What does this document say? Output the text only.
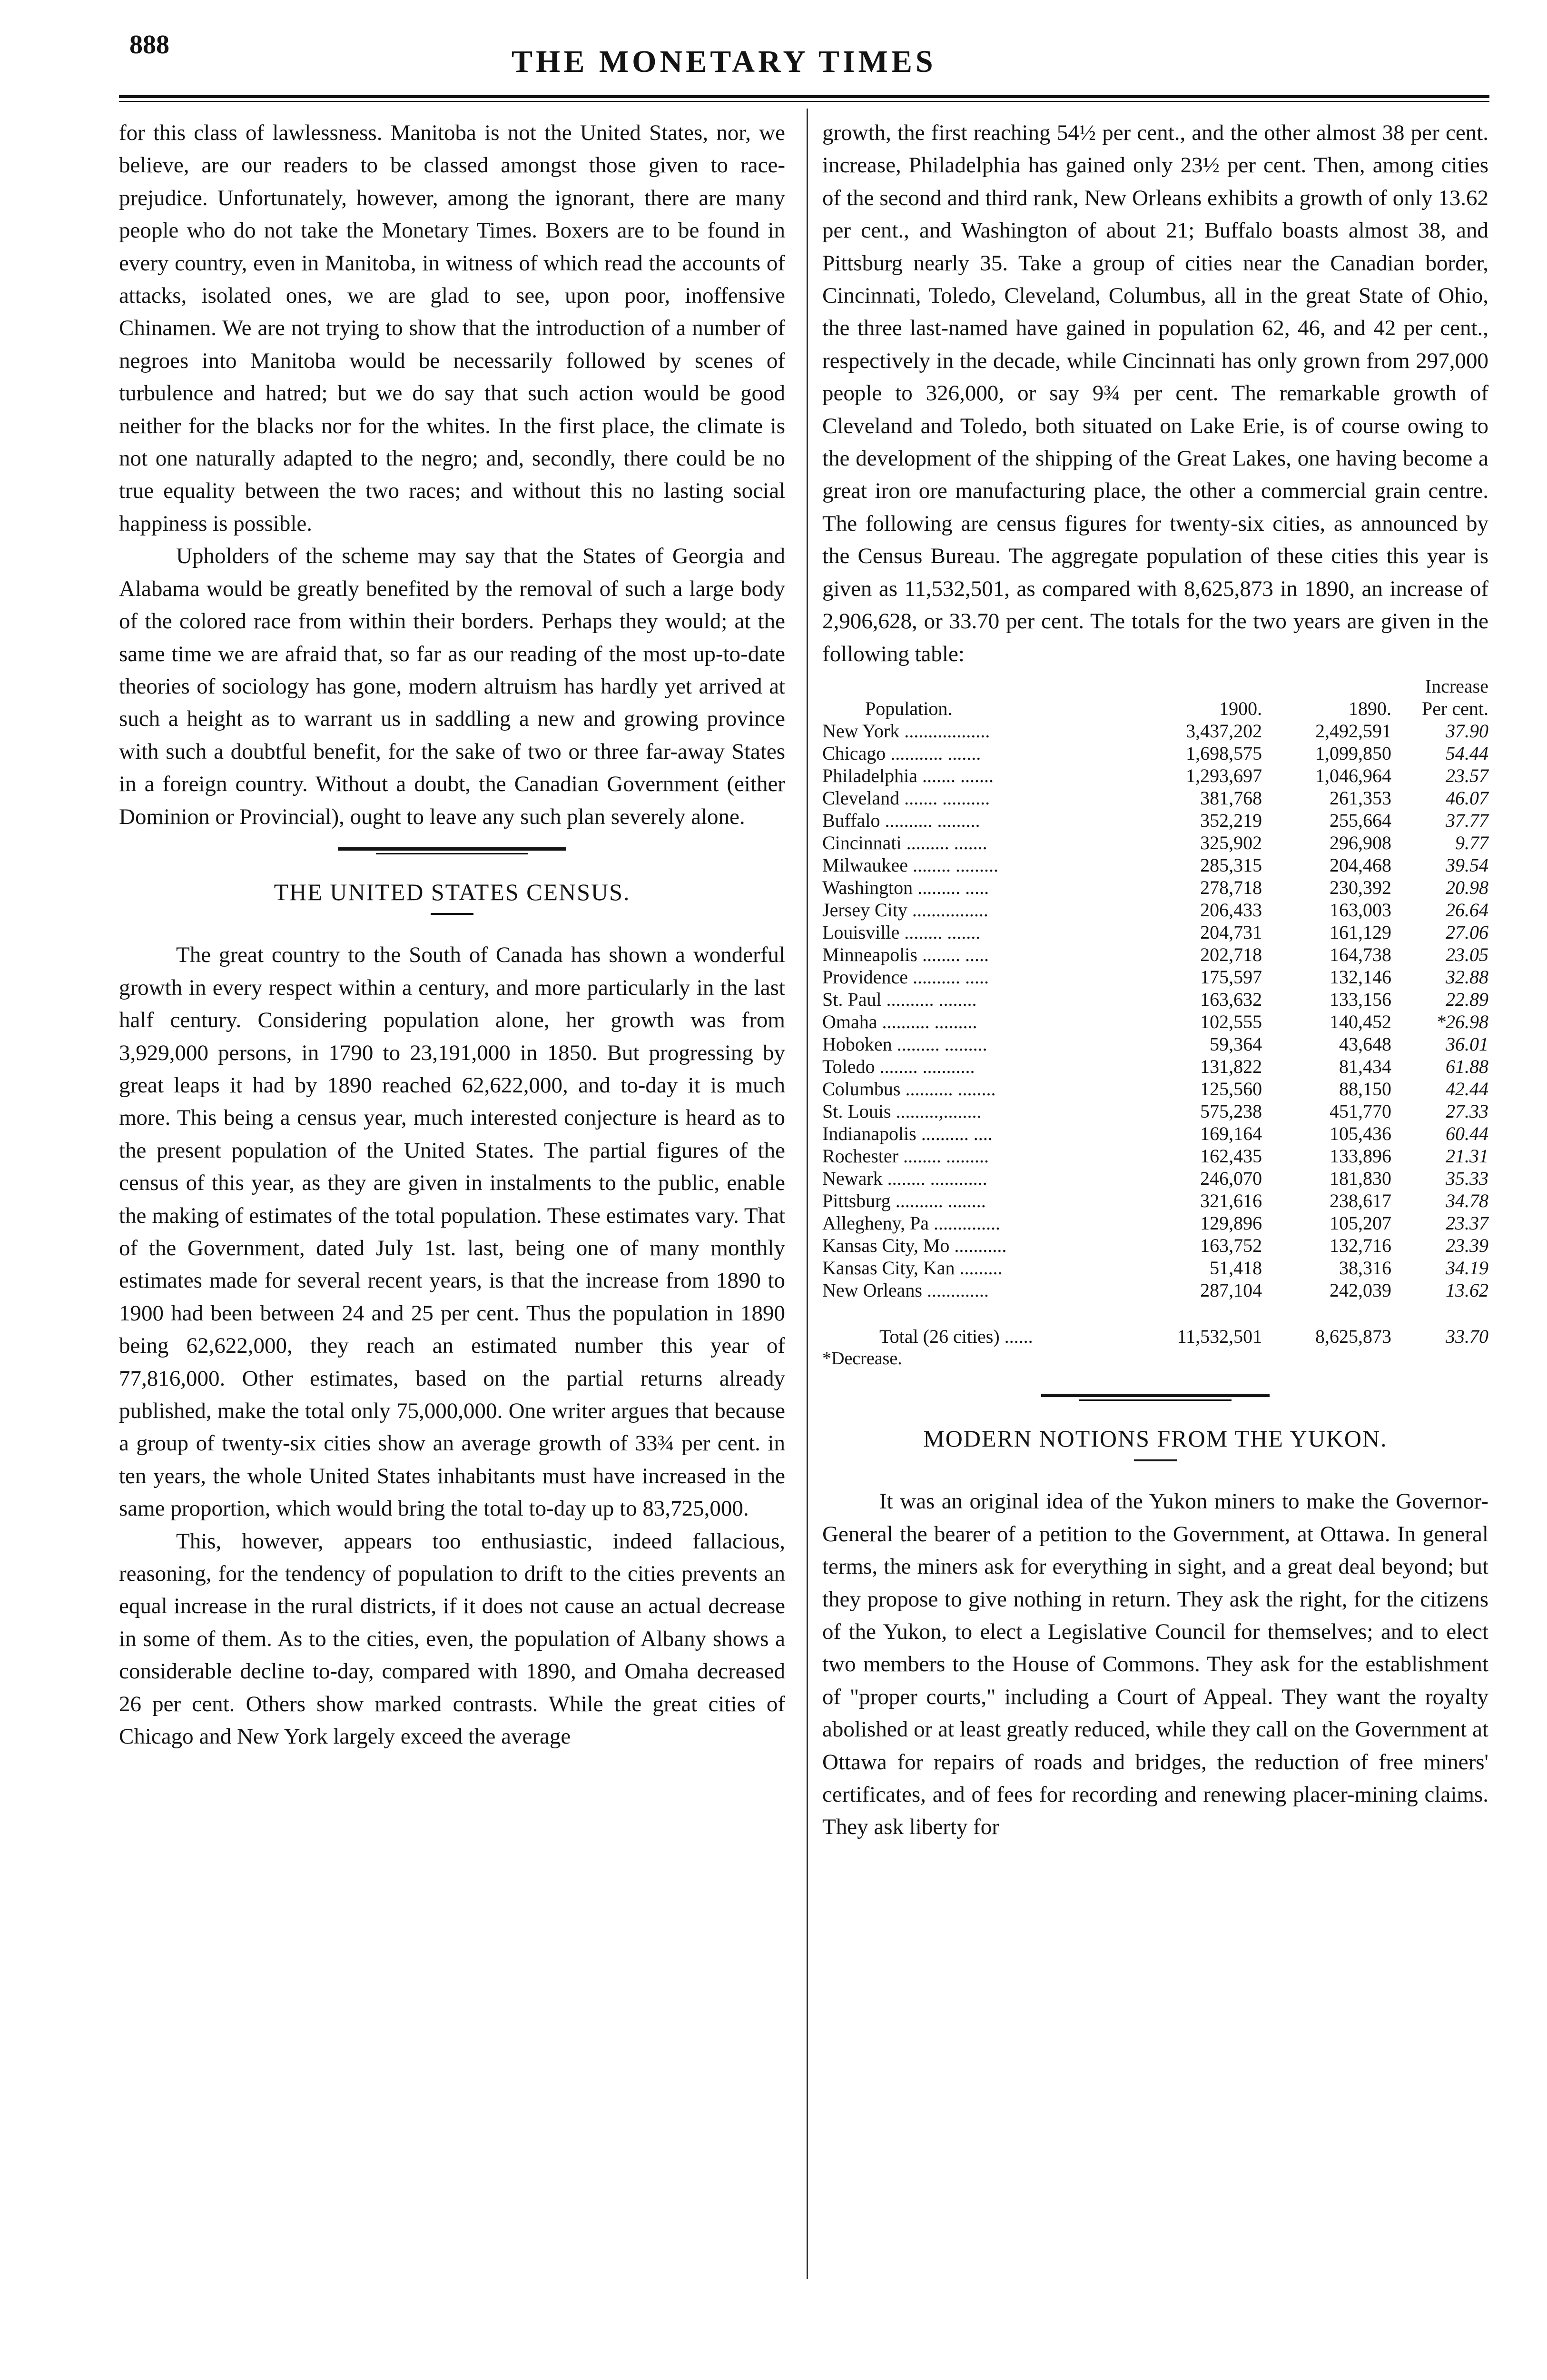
888	THE MONETARY TIMES

for this class of lawlessness. Manitoba is not the United States, nor, we believe, are our readers to be classed amongst those given to race-prejudice. Unfortunately, however, among the ignorant, there are many people who do not take the Monetary Times. Boxers are to be found in every country, even in Manitoba, in witness of which read the accounts of attacks, isolated ones, we are glad to see, upon poor, inoffensive Chinamen. We are not trying to show that the introduction of a number of negroes into Manitoba would be necessarily followed by scenes of turbulence and hatred; but we do say that such action would be good neither for the blacks nor for the whites. In the first place, the climate is not one naturally adapted to the negro; and, secondly, there could be no true equality between the two races; and without this no lasting social happiness is possible.

Upholders of the scheme may say that the States of Georgia and Alabama would be greatly benefited by the removal of such a large body of the colored race from within their borders. Perhaps they would; at the same time we are afraid that, so far as our reading of the most up-to-date theories of sociology has gone, modern altruism has hardly yet arrived at such a height as to warrant us in saddling a new and growing province with such a doubtful benefit, for the sake of two or three far-away States in a foreign country. Without a doubt, the Canadian Government (either Dominion or Provincial), ought to leave any such plan severely alone.

THE UNITED STATES CENSUS.

The great country to the South of Canada has shown a wonderful growth in every respect within a century, and more particularly in the last half century. Considering population alone, her growth was from 3,929,000 persons, in 1790 to 23,191,000 in 1850. But progressing by great leaps it had by 1890 reached 62,622,000, and to-day it is much more. This being a census year, much interested conjecture is heard as to the present population of the United States. The partial figures of the census of this year, as they are given in instalments to the public, enable the making of estimates of the total population. These estimates vary. That of the Government, dated July 1st. last, being one of many monthly estimates made for several recent years, is that the increase from 1890 to 1900 had been between 24 and 25 per cent. Thus the population in 1890 being 62,622,000, they reach an estimated number this year of 77,816,000. Other estimates, based on the partial returns already published, make the total only 75,000,000. One writer argues that because a group of twenty-six cities show an average growth of 33¾ per cent. in ten years, the whole United States inhabitants must have increased in the same proportion, which would bring the total to-day up to 83,725,000.

This, however, appears too enthusiastic, indeed fallacious, reasoning, for the tendency of population to drift to the cities prevents an equal increase in the rural districts, if it does not cause an actual decrease in some of them. As to the cities, even, the population of Albany shows a considerable decline to-day, compared with 1890, and Omaha decreased 26 per cent. Others show marked contrasts. While the great cities of Chicago and New York largely exceed the average

growth, the first reaching 54½ per cent., and the other almost 38 per cent. increase, Philadelphia has gained only 23½ per cent. Then, among cities of the second and third rank, New Orleans exhibits a growth of only 13.62 per cent., and Washington of about 21; Buffalo boasts almost 38, and Pittsburg nearly 35. Take a group of cities near the Canadian border, Cincinnati, Toledo, Cleveland, Columbus, all in the great State of Ohio, the three last-named have gained in population 62, 46, and 42 per cent., respectively in the decade, while Cincinnati has only grown from 297,000 people to 326,000, or say 9¾ per cent. The remarkable growth of Cleveland and Toledo, both situated on Lake Erie, is of course owing to the development of the shipping of the Great Lakes, one having become a great iron ore manufacturing place, the other a commercial grain centre. The following are census figures for twenty-six cities, as announced by the Census Bureau. The aggregate population of these cities this year is given as 11,532,501, as compared with 8,625,873 in 1890, an increase of 2,906,628, or 33.70 per cent. The totals for the two years are given in the following table:

Population.	1900.	1890.	Increase
Per cent.

New York ..................	3,437,202	2,492,591	37.90
Chicago ........... .......	1,698,575	1,099,850	54.44
Philadelphia ....... .......	1,293,697	1,046,964	23.57
Cleveland ....... ..........	381,768	261,353	46.07
Buffalo .......... .........	352,219	255,664	37.77
Cincinnati ......... .......	325,902	296,908	9.77
Milwaukee ........ .........	285,315	204,468	39.54
Washington ......... .....	278,718	230,392	20.98
Jersey City ................	206,433	163,003	26.64
Louisville ........ .......	204,731	161,129	27.06
Minneapolis ........ .....	202,718	164,738	23.05
Providence .......... .....	175,597	132,146	32.88
St. Paul .......... ........	163,632	133,156	22.89
Omaha .......... .........	102,555	140,452	*26.98
Hoboken ......... .........	59,364	43,648	36.01
Toledo ........ ...........	131,822	81,434	61.88
Columbus .......... ........	125,560	88,150	42.44
St. Louis .........,........	575,238	451,770	27.33
Indianapolis .......... ....	169,164	105,436	60.44
Rochester ........ .........	162,435	133,896	21.31
Newark ........ ............	246,070	181,830	35.33
Pittsburg .......... ........	321,616	238,617	34.78
Allegheny, Pa ..............	129,896	105,207	23.37
Kansas City, Mo ...........	163,752	132,716	23.39
Kansas City, Kan .........	51,418	38,316	34.19
New Orleans .............	287,104	242,039	13.62
Total (26 cities) ......	11,532,501	8,625,873	33.70
*Decrease.			
MODERN NOTIONS FROM THE YUKON.

It was an original idea of the Yukon miners to make the Governor-General the bearer of a petition to the Government, at Ottawa. In general terms, the miners ask for everything in sight, and a great deal beyond; but they propose to give nothing in return. They ask the right, for the citizens of the Yukon, to elect a Legislative Council for themselves; and to elect two members to the House of Commons. They ask for the establishment of "proper courts," including a Court of Appeal. They want the royalty abolished or at least greatly reduced, while they call on the Government at Ottawa for repairs of roads and bridges, the reduction of free miners' certificates, and of fees for recording and renewing placer-mining claims. They ask liberty for
